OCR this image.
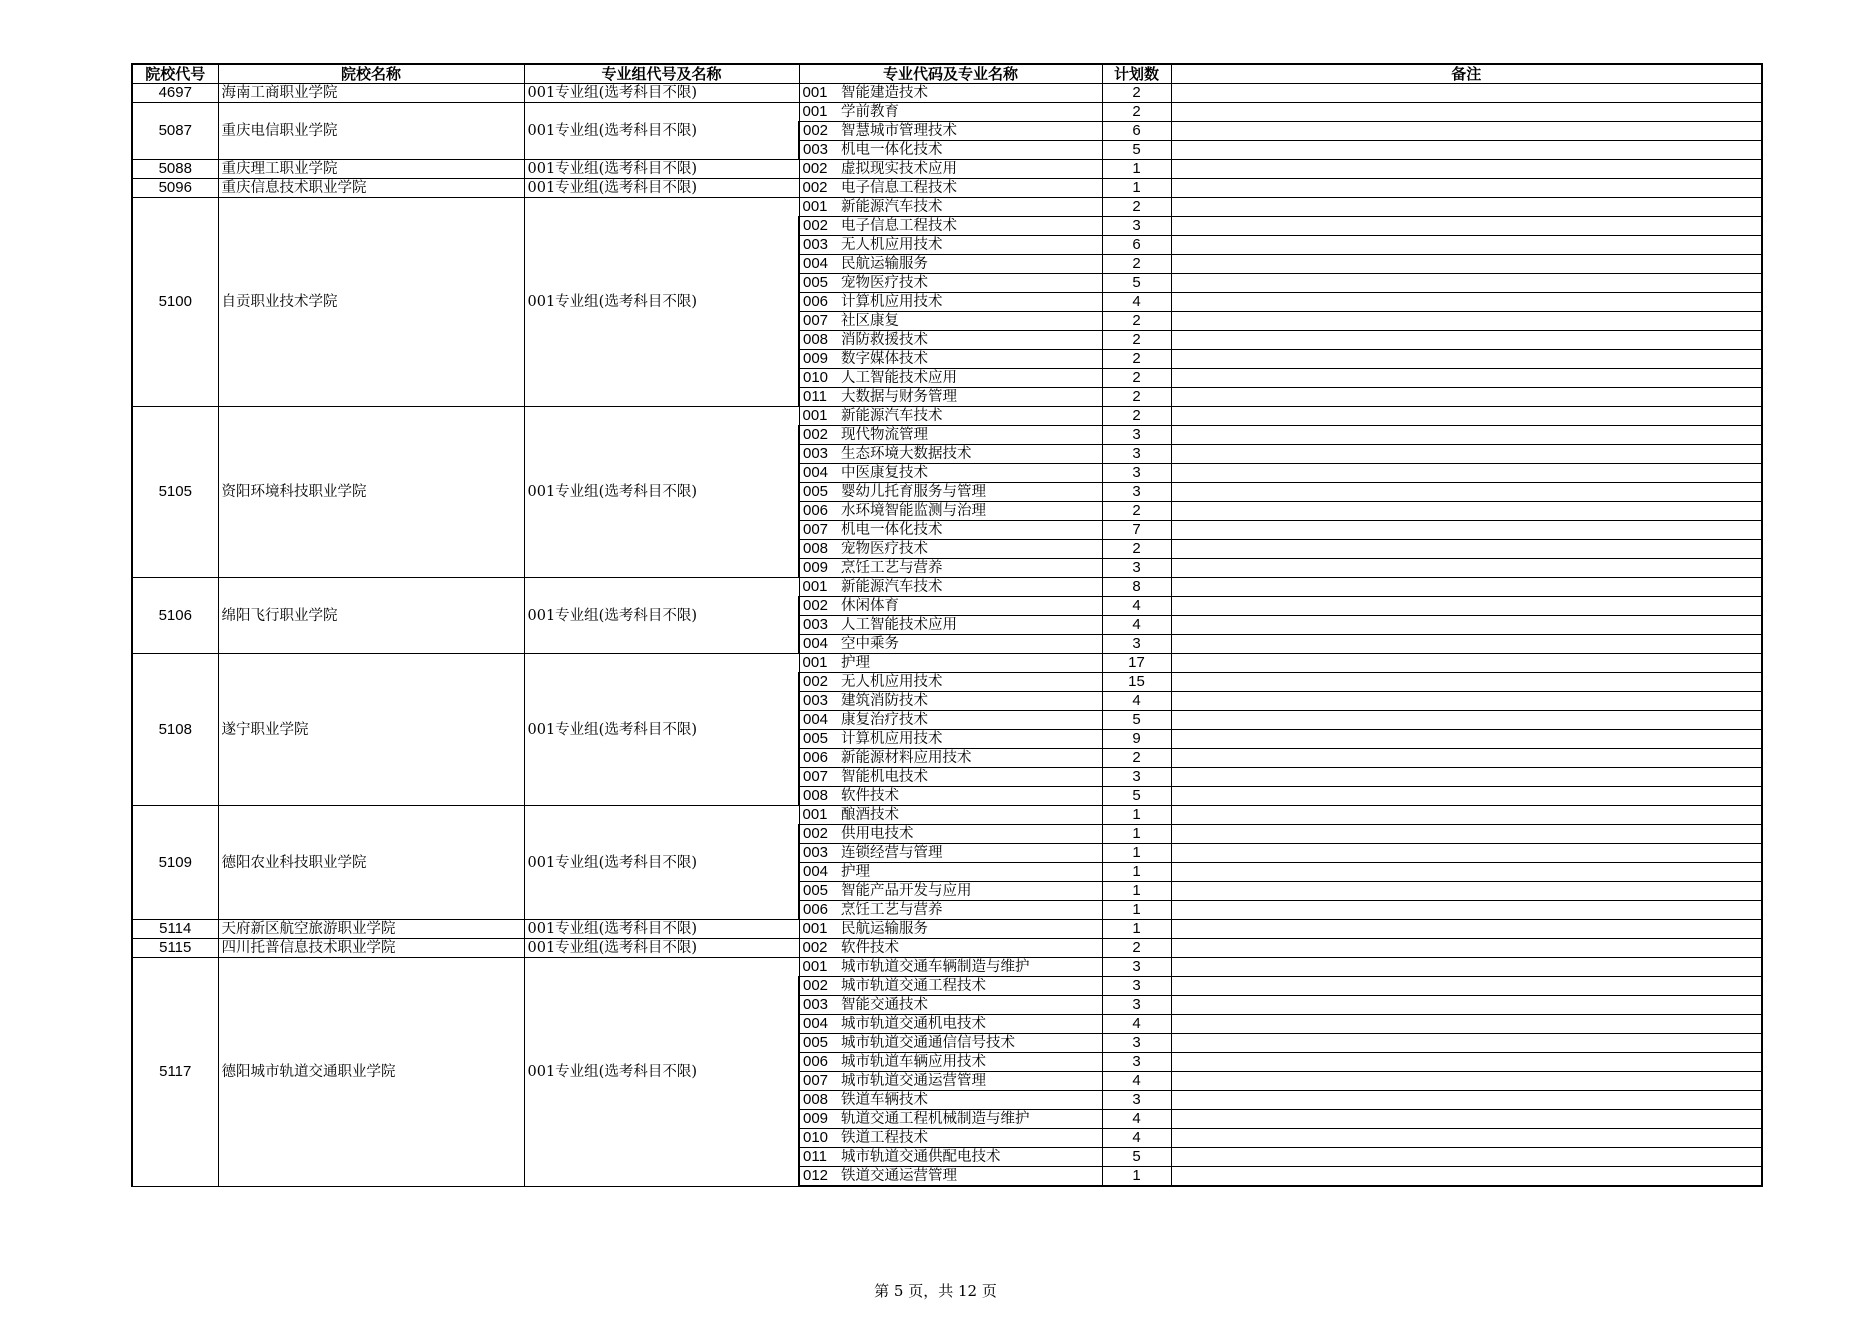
院校代号	院校名称	专业组代号及名称	专业代码及专业名称		计划数	备注
4697	海南工商职业学院	001专业组(选考科目不限)	001	智能建造技术	2	
5087	重庆电信职业学院	001专业组(选考科目不限)	001	学前教育	2	
			002	智慧城市管理技术	6	
			003	机电一体化技术	5	
5088	重庆理工职业学院	001专业组(选考科目不限)	002	虚拟现实技术应用	1	
5096	重庆信息技术职业学院	001专业组(选考科目不限)	002	电子信息工程技术	1	
5100	自贡职业技术学院	001专业组(选考科目不限)	001	新能源汽车技术	2	
			002	电子信息工程技术	3	
			003	无人机应用技术	6	
			004	民航运输服务	2	
			005	宠物医疗技术	5	
			006	计算机应用技术	4	
			007	社区康复	2	
			008	消防救援技术	2	
			009	数字媒体技术	2	
			010	人工智能技术应用	2	
			011	大数据与财务管理	2	
5105	资阳环境科技职业学院	001专业组(选考科目不限)	001	新能源汽车技术	2	
			002	现代物流管理	3	
			003	生态环境大数据技术	3	
			004	中医康复技术	3	
			005	婴幼儿托育服务与管理	3	
			006	水环境智能监测与治理	2	
			007	机电一体化技术	7	
			008	宠物医疗技术	2	
			009	烹饪工艺与营养	3	
5106	绵阳飞行职业学院	001专业组(选考科目不限)	001	新能源汽车技术	8	
			002	休闲体育	4	
			003	人工智能技术应用	4	
			004	空中乘务	3	
5108	遂宁职业学院	001专业组(选考科目不限)	001	护理	17	
			002	无人机应用技术	15	
			003	建筑消防技术	4	
			004	康复治疗技术	5	
			005	计算机应用技术	9	
			006	新能源材料应用技术	2	
			007	智能机电技术	3	
			008	软件技术	5	
5109	德阳农业科技职业学院	001专业组(选考科目不限)	001	酿酒技术	1	
			002	供用电技术	1	
			003	连锁经营与管理	1	
			004	护理	1	
			005	智能产品开发与应用	1	
			006	烹饪工艺与营养	1	
5114	天府新区航空旅游职业学院	001专业组(选考科目不限)	001	民航运输服务	1	
5115	四川托普信息技术职业学院	001专业组(选考科目不限)	002	软件技术	2	
5117	德阳城市轨道交通职业学院	001专业组(选考科目不限)	001	城市轨道交通车辆制造与维护	3	
			002	城市轨道交通工程技术	3	
			003	智能交通技术	3	
			004	城市轨道交通机电技术	4	
			005	城市轨道交通通信信号技术	3	
			006	城市轨道车辆应用技术	3	
			007	城市轨道交通运营管理	4	
			008	铁道车辆技术	3	
			009	轨道交通工程机械制造与维护	4	
			010	铁道工程技术	4	
			011	城市轨道交通供配电技术	5	
			012	铁道交通运营管理	1	
第 5 页，共 12 页
